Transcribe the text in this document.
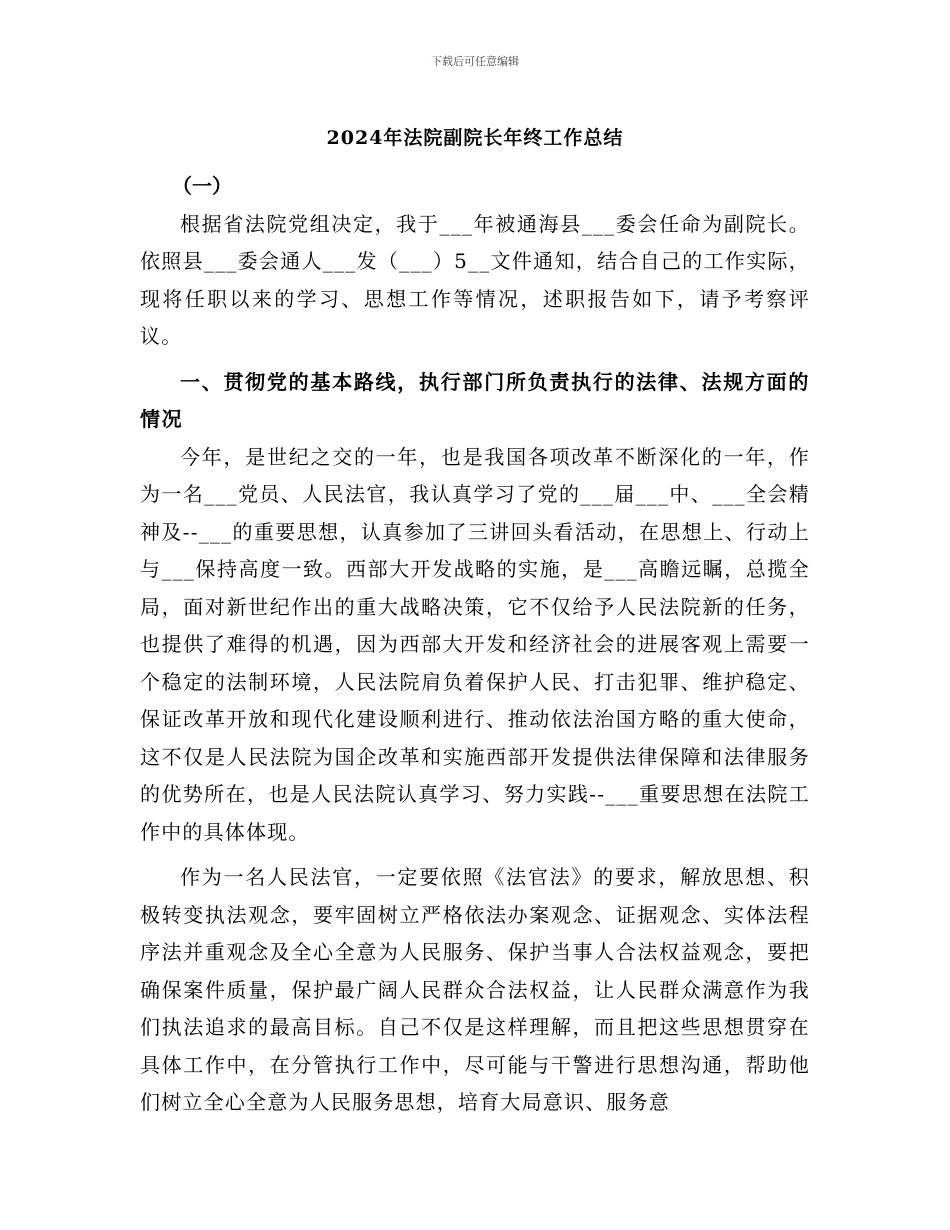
下载后可任意编辑
2024年法院副院长年终工作总结

（一）

根据省法院党组决定，我于___年被通海县___委会任命为副院长。依照县___委会通人___发（___）5__文件通知，结合自己的工作实际，现将任职以来的学习、思想工作等情况，述职报告如下，请予考察评议。

一、贯彻党的基本路线，执行部门所负责执行的法律、法规方面的情况

今年，是世纪之交的一年，也是我国各项改革不断深化的一年，作为一名___党员、人民法官，我认真学习了党的___届___中、___全会精神及--___的重要思想，认真参加了三讲回头看活动，在思想上、行动上与___保持高度一致。西部大开发战略的实施，是___高瞻远瞩，总揽全局，面对新世纪作出的重大战略决策，它不仅给予人民法院新的任务，也提供了难得的机遇，因为西部大开发和经济社会的进展客观上需要一个稳定的法制环境，人民法院肩负着保护人民、打击犯罪、维护稳定、保证改革开放和现代化建设顺利进行、推动依法治国方略的重大使命，这不仅是人民法院为国企改革和实施西部开发提供法律保障和法律服务的优势所在，也是人民法院认真学习、努力实践--___重要思想在法院工作中的具体体现。

作为一名人民法官，一定要依照《法官法》的要求，解放思想、积极转变执法观念，要牢固树立严格依法办案观念、证据观念、实体法程序法并重观念及全心全意为人民服务、保护当事人合法权益观念，要把确保案件质量，保护最广阔人民群众合法权益，让人民群众满意作为我们执法追求的最高目标。自己不仅是这样理解，而且把这些思想贯穿在具体工作中，在分管执行工作中，尽可能与干警进行思想沟通，帮助他们树立全心全意为人民服务思想，培育大局意识、服务意
